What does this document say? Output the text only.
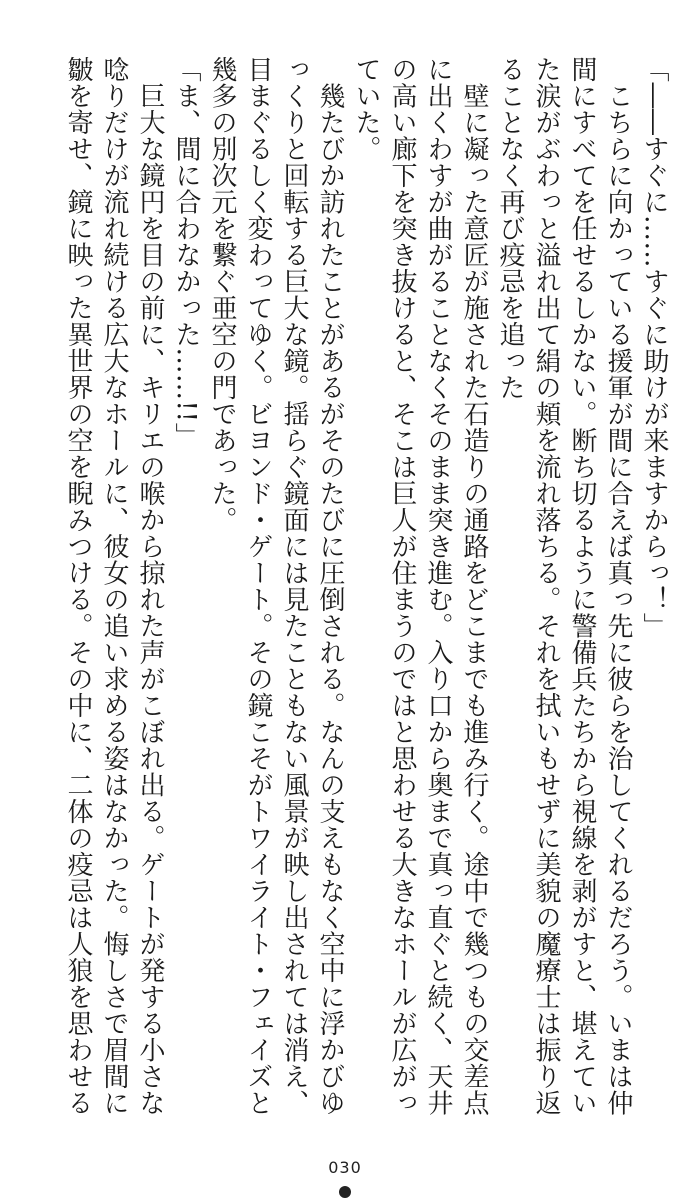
「――すぐに……すぐに助けが来ますからっ！」

　こちらに向かっている援軍が間に合えば真っ先に彼らを治してくれるだろう。いまは仲

間にすべてを任せるしかない。断ち切るように警備兵たちから視線を剥がすと、堪えてい

た涙がぶわっと溢れ出て絹の頬を流れ落ちる。それを拭いもせずに美貌の魔療士は振り返

ることなく再び疫忌を追った

　壁に凝った意匠が施された石造りの通路をどこまでも進み行く。途中で幾つもの交差点

に出くわすが曲がることなくそのまま突き進む。入り口から奥まで真っ直ぐと続く、天井

の高い廊下を突き抜けると、そこは巨人が住まうのではと思わせる大きなホールが広がっ

ていた。

　幾たびか訪れたことがあるがそのたびに圧倒される。なんの支えもなく空中に浮かびゆ

っくりと回転する巨大な鏡。揺らぐ鏡面には見たこともない風景が映し出されては消え、

目まぐるしく変わってゆく。ビヨンド・ゲート。その鏡こそがトワイライト・フェイズと

幾多の別次元を繋ぐ亜空の門であった。

「ま、間に合わなかった……!!」

　巨大な鏡円を目の前に、キリエの喉から掠れた声がこぼれ出る。ゲートが発する小さな

唸りだけが流れ続ける広大なホールに、彼女の追い求める姿はなかった。悔しさで眉間に

皺を寄せ、鏡に映った異世界の空を睨みつける。その中に、二体の疫忌は人狼を思わせる

030
